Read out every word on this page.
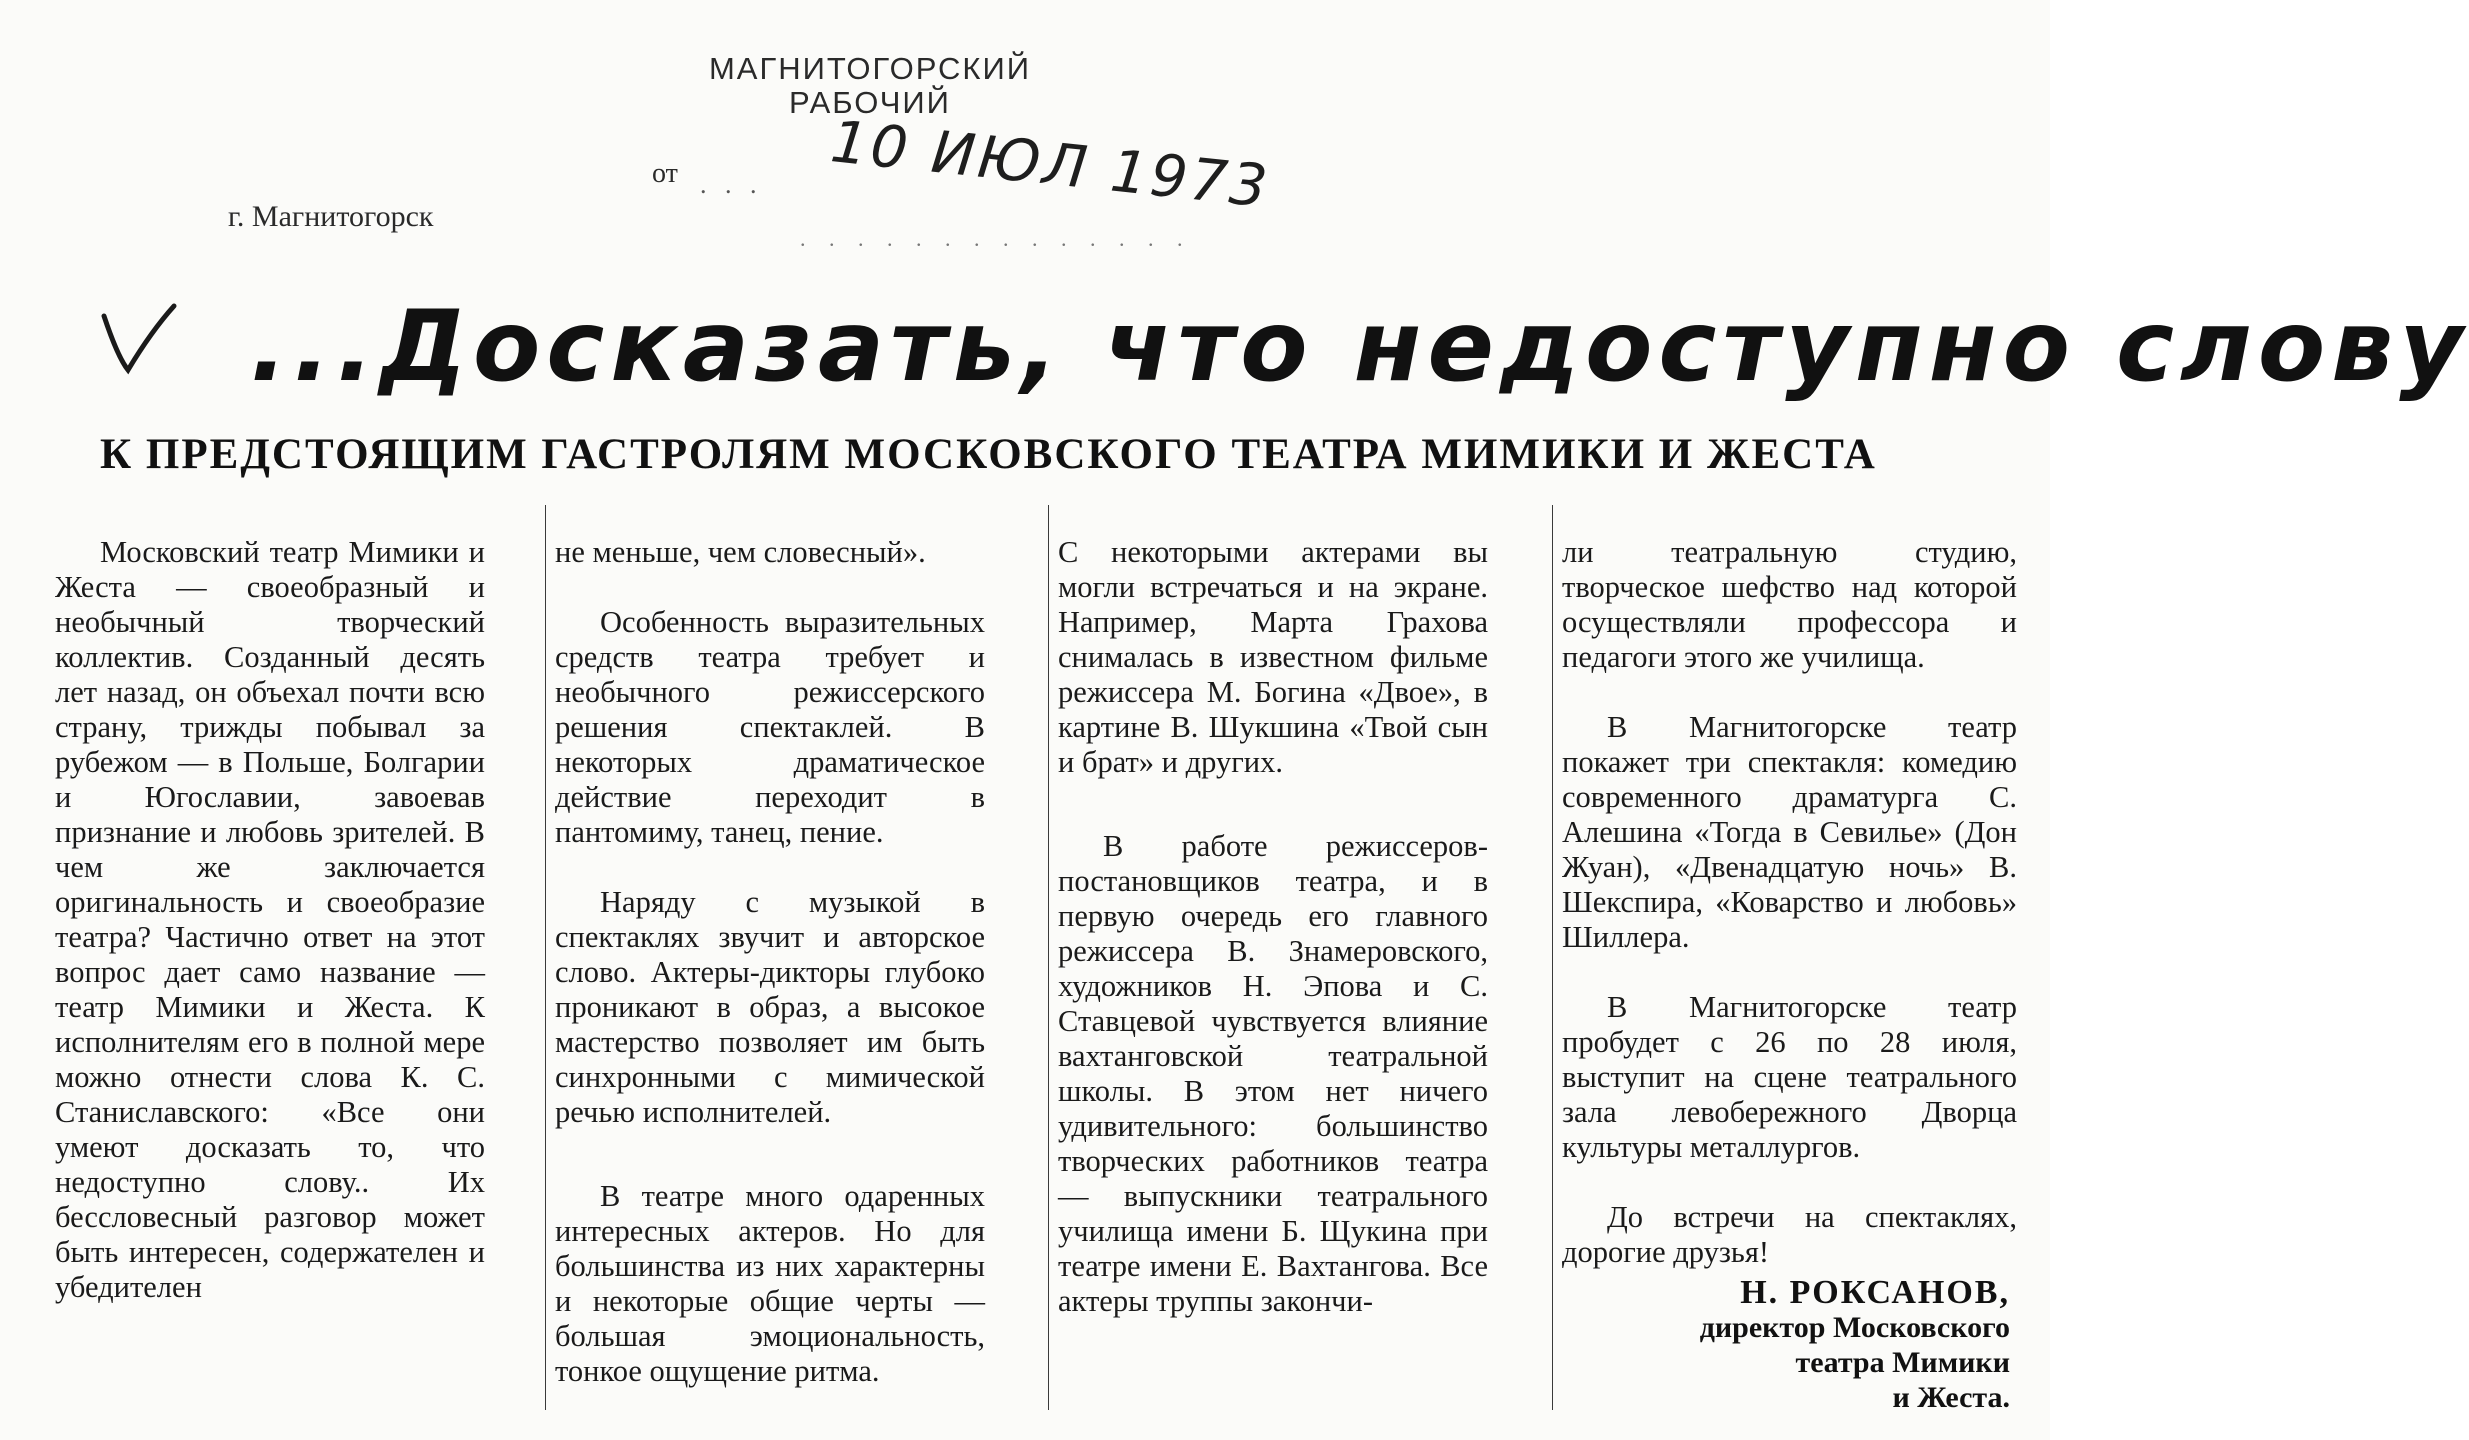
МАГНИТОГОРСКИЙ
РАБОЧИЙ
от . . . 10 ИЮЛ 1973
. . . . . . . . . . . . . .
г. Магнитогорск
...Досказать, что недоступно слову
К ПРЕДСТОЯЩИМ ГАСТРОЛЯМ МОСКОВСКОГО ТЕАТРА МИМИКИ И ЖЕСТА

Московский театр Мимики и Жеста — своеобразный и необычный творческий коллектив. Созданный десять лет назад, он объехал почти всю страну, трижды побывал за рубежом — в Польше, Болгарии и Югославии, завоевав признание и любовь зрителей. В чем же заключается оригинальность и своеобразие театра? Частично ответ на этот вопрос дает само название — театр Мимики и Жеста. К исполнителям его в полной мере можно отнести слова К. С. Станиславского: «Все они умеют досказать то, что недоступно слову.. Их бессловесный разговор может быть интересен, содержателен и убедителен

не меньше, чем словесный».

Особенность выразительных средств театра требует и необычного режиссерского решения спектаклей. В некоторых драматическое действие переходит в пантомиму, танец, пение.

Наряду с музыкой в спектаклях звучит и авторское слово. Актеры-дикторы глубоко проникают в образ, а высокое мастерство позволяет им быть синхронными с мимической речью исполнителей.

В театре много одаренных интересных актеров. Но для большинства из них характерны и некоторые общие черты — большая эмоциональность, тонкое ощущение ритма.

С некоторыми актерами вы могли встречаться и на экране. Например, Марта Грахова снималась в известном фильме режиссера М. Богина «Двое», в картине В. Шукшина «Твой сын и брат» и других.

В работе режиссеров-постановщиков театра, и в первую очередь его главного режиссера В. Знамеровского, художников Н. Эпова и С. Ставцевой чувствуется влияние вахтанговской театральной школы. В этом нет ничего удивительного: большинство творческих работников театра — выпускники театрального училища имени Б. Щукина при театре имени Е. Вахтангова. Все актеры труппы закончи-

ли театральную студию, творческое шефство над которой осуществляли профессора и педагоги этого же училища.

В Магнитогорске театр покажет три спектакля: комедию современного драматурга С. Алешина «Тогда в Севилье» (Дон Жуан), «Двенадцатую ночь» В. Шекспира, «Коварство и любовь» Шиллера.

В Магнитогорске театр пробудет с 26 по 28 июля, выступит на сцене театрального зала левобережного Дворца культуры металлургов.

До встречи на спектаклях, дорогие друзья!

Н. РОКСАНОВ,
директор Московского
театра Мимики
и Жеста.
